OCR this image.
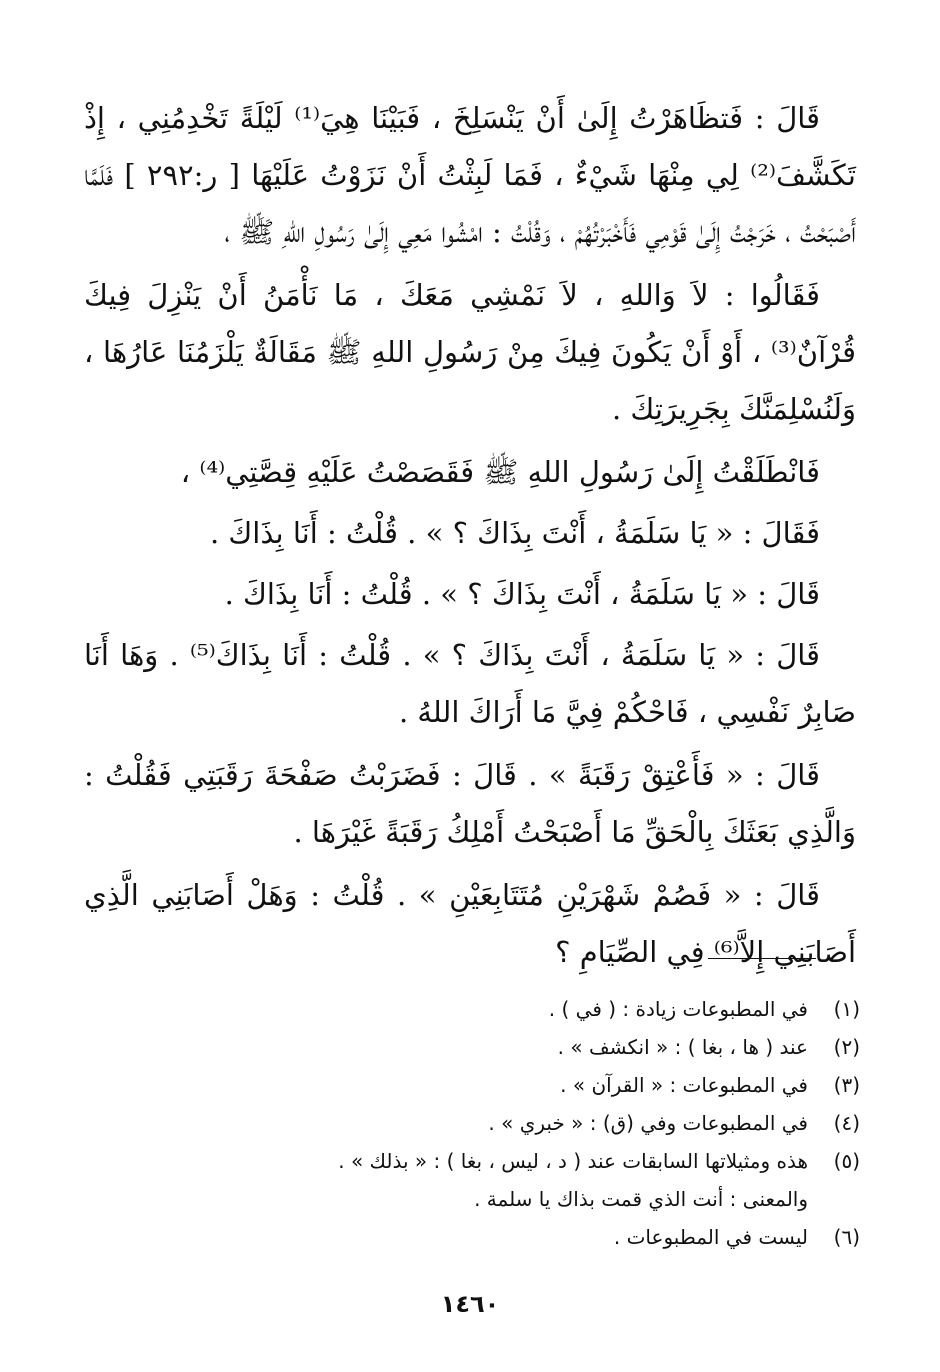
قَالَ : فَتظَاهَرْتُ إِلَىٰ أَنْ يَنْسَلِخَ ، فَبَيْنَا هِيَ⁽¹⁾ لَيْلَةً تَخْدِمُنِي ، إِذْ تَكَشَّفَ⁽²⁾ لِي مِنْهَا شَيْءٌ ، فَمَا لَبِثْتُ أَنْ نَزَوْتُ عَلَيْهَا [ ر:٢٩٢ ] فَلَمَّا أَصْبَحْتُ ، خَرَجْتُ إِلَىٰ قَوْمِي فَأَخْبَرْتُهُمْ ، وَقُلْتُ : امْشُوا مَعِي إِلَىٰ رَسُولِ اللهِ ﷺ ،

فَقَالُوا : لاَ وَاللهِ ، لاَ نَمْشِي مَعَكَ ، مَا نَأْمَنُ أَنْ يَنْزِلَ فِيكَ قُرْآنٌ⁽³⁾ ، أَوْ أَنْ يَكُونَ فِيكَ مِنْ رَسُولِ اللهِ ﷺ مَقَالَةٌ يَلْزَمُنَا عَارُهَا ، وَلَنُسْلِمَنَّكَ بِجَرِيرَتِكَ .

فَانْطَلَقْتُ إِلَىٰ رَسُولِ اللهِ ﷺ فَقَصَصْتُ عَلَيْهِ قِصَّتِي⁽⁴⁾ ،

فَقَالَ : « يَا سَلَمَةُ ، أَنْتَ بِذَاكَ ؟ » . قُلْتُ : أَنَا بِذَاكَ .

قَالَ : « يَا سَلَمَةُ ، أَنْتَ بِذَاكَ ؟ » . قُلْتُ : أَنَا بِذَاكَ .

قَالَ : « يَا سَلَمَةُ ، أَنْتَ بِذَاكَ ؟ » . قُلْتُ : أَنَا بِذَاكَ⁽⁵⁾ . وَهَا أَنَا صَابِرٌ نَفْسِي ، فَاحْكُمْ فِيَّ مَا أَرَاكَ اللهُ .

قَالَ : « فَأَعْتِقْ رَقَبَةً » . قَالَ : فَضَرَبْتُ صَفْحَةَ رَقَبَتِي فَقُلْتُ : وَالَّذِي بَعَثَكَ بِالْحَقِّ مَا أَصْبَحْتُ أَمْلِكُ رَقَبَةً غَيْرَهَا .

قَالَ : « فَصُمْ شَهْرَيْنِ مُتَتَابِعَيْنِ » . قُلْتُ : وَهَلْ أَصَابَنِي الَّذِي أَصَابَنِي إِلاَّ⁽⁶⁾ فِي الصِّيَامِ ؟

(١)
في المطبوعات زيادة : ( في ) .
(٢)
عند ( ها ، بغا ) : « انكشف » .
(٣)
في المطبوعات : « القرآن » .
(٤)
في المطبوعات وفي (ق) : « خبري » .
(٥)
هذه ومثيلاتها السابقات عند ( د ، ليس ، بغا ) : « بذلك » .
والمعنى : أنت الذي قمت بذاك يا سلمة .
(٦)
ليست في المطبوعات .
١٤٦٠
